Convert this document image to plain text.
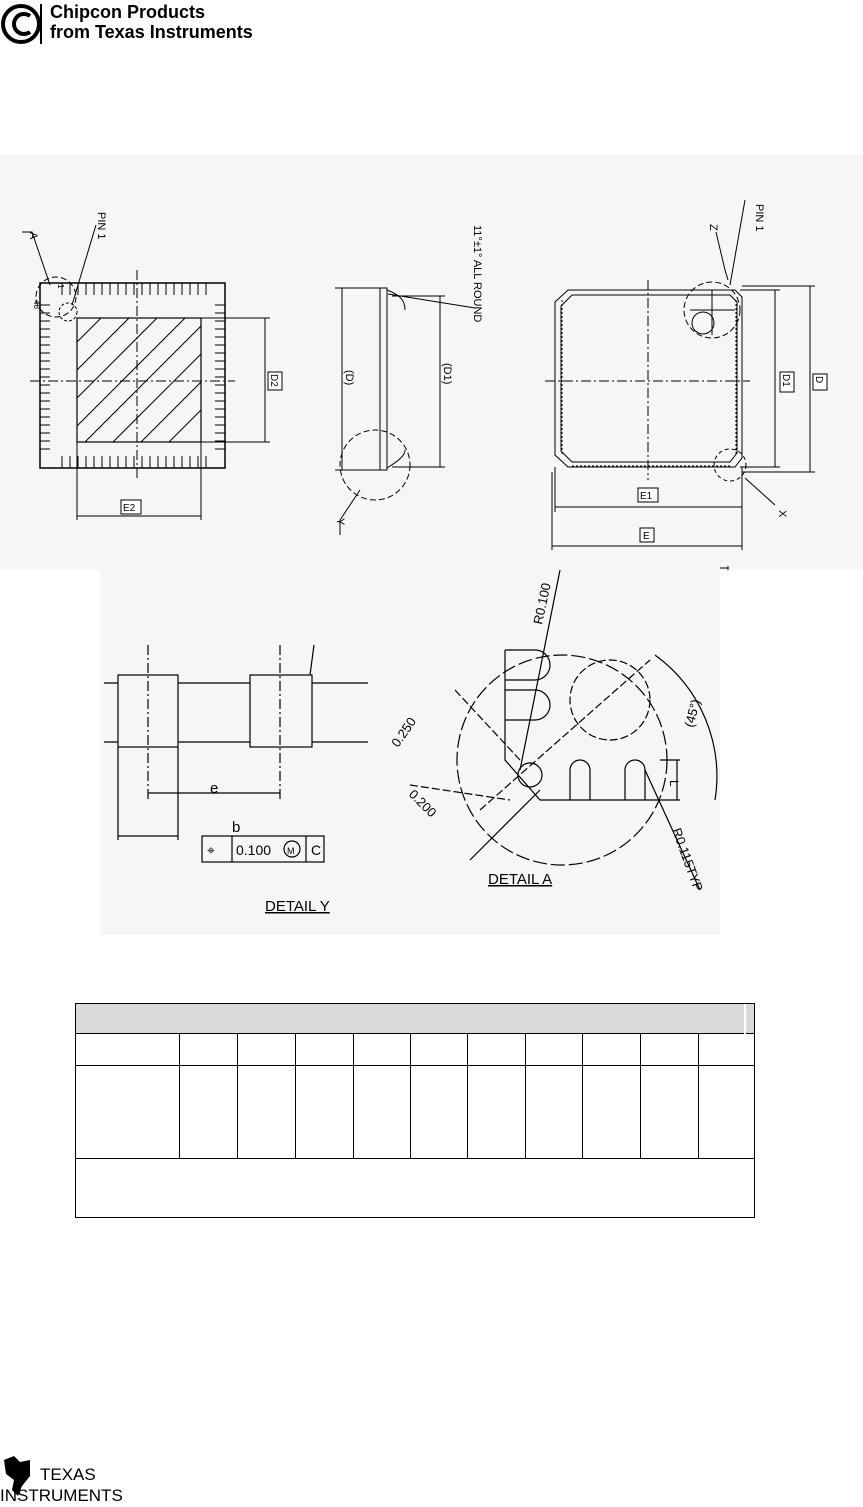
Chipcon Products
from Texas Instruments
A	PIN 1
1
48
D2
E2
11°±1° ALL ROUND
(D)	(D1)
Y
Z	PIN 1
D1 D
X
E1
E
e
b
⌖ 0.100 M C
DETAIL Y
R0.100
0.250
0.200
(45°)
L
R0.115TYP
DETAIL A
TEXAS
INSTRUMENTS
